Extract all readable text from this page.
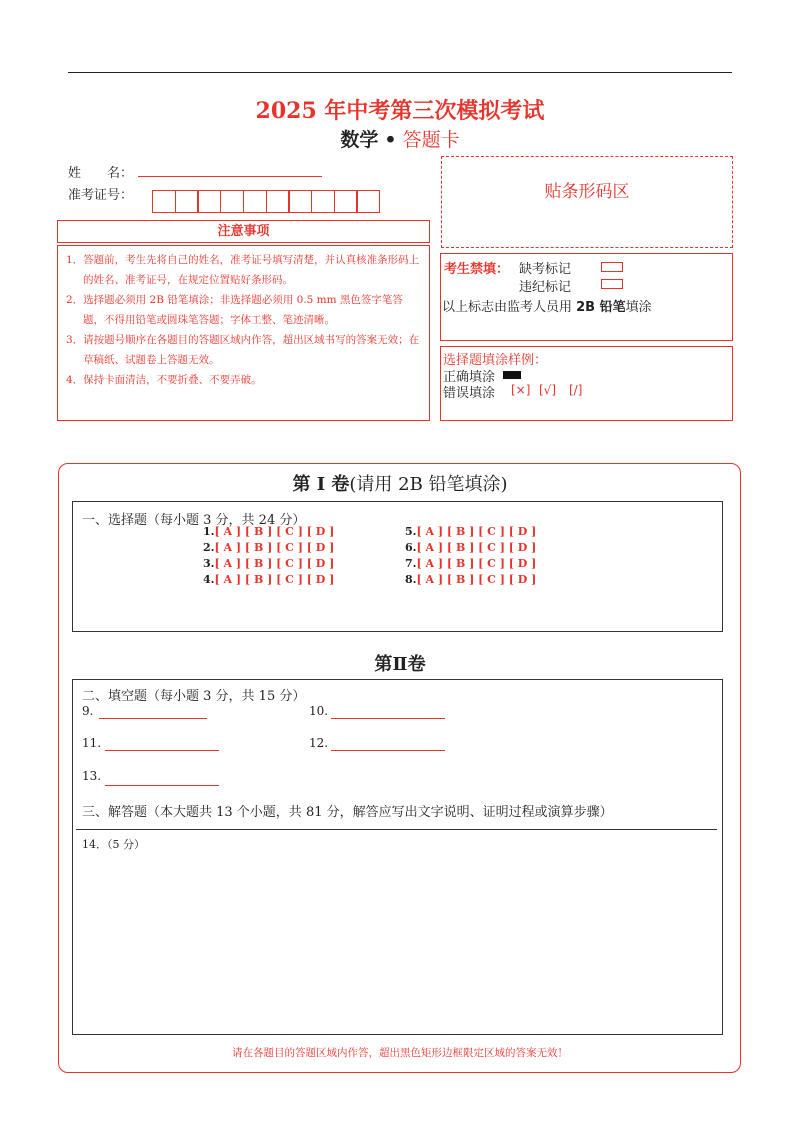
2025 年中考第三次模拟考试
数学 • 答题卡
姓　　名：
准考证号：	贴条形码区
注意事项

1．答题前，考生先将自己的姓名，准考证号填写清楚，并认真核准条形码上的姓名、准考证号，在规定位置贴好条形码。

2．选择题必须用 2B 铅笔填涂；非选择题必须用 0.5 mm 黑色签字笔答题，不得用铅笔或圆珠笔答题；字体工整、笔迹清晰。

3．请按题号顺序在各题目的答题区域内作答，超出区域书写的答案无效；在草稿纸、试题卷上答题无效。

4．保持卡面清洁，不要折叠、不要弄破。

考生禁填： 缺考标记
违纪标记
以上标志由监考人员用 2B 铅笔填涂
选择题填涂样例：
正确填涂
错误填涂 [×] [√] [/]
第 Ⅰ 卷(请用 2B 铅笔填涂)
一、选择题（每小题 3 分，共 24 分）
1.[ A ] [ B ] [ C ] [ D ]
2.[ A ] [ B ] [ C ] [ D ]
3.[ A ] [ B ] [ C ] [ D ]
4.[ A ] [ B ] [ C ] [ D ]
5.[ A ] [ B ] [ C ] [ D ]
6.[ A ] [ B ] [ C ] [ D ]
7.[ A ] [ B ] [ C ] [ D ]
8.[ A ] [ B ] [ C ] [ D ]
第Ⅱ卷
二、填空题（每小题 3 分，共 15 分）
9.	10.
11.	12.
13.
三、解答题（本大题共 13 个小题，共 81 分，解答应写出文字说明、证明过程或演算步骤）
14．（5 分）
请在各题目的答题区域内作答，超出黑色矩形边框限定区域的答案无效！
